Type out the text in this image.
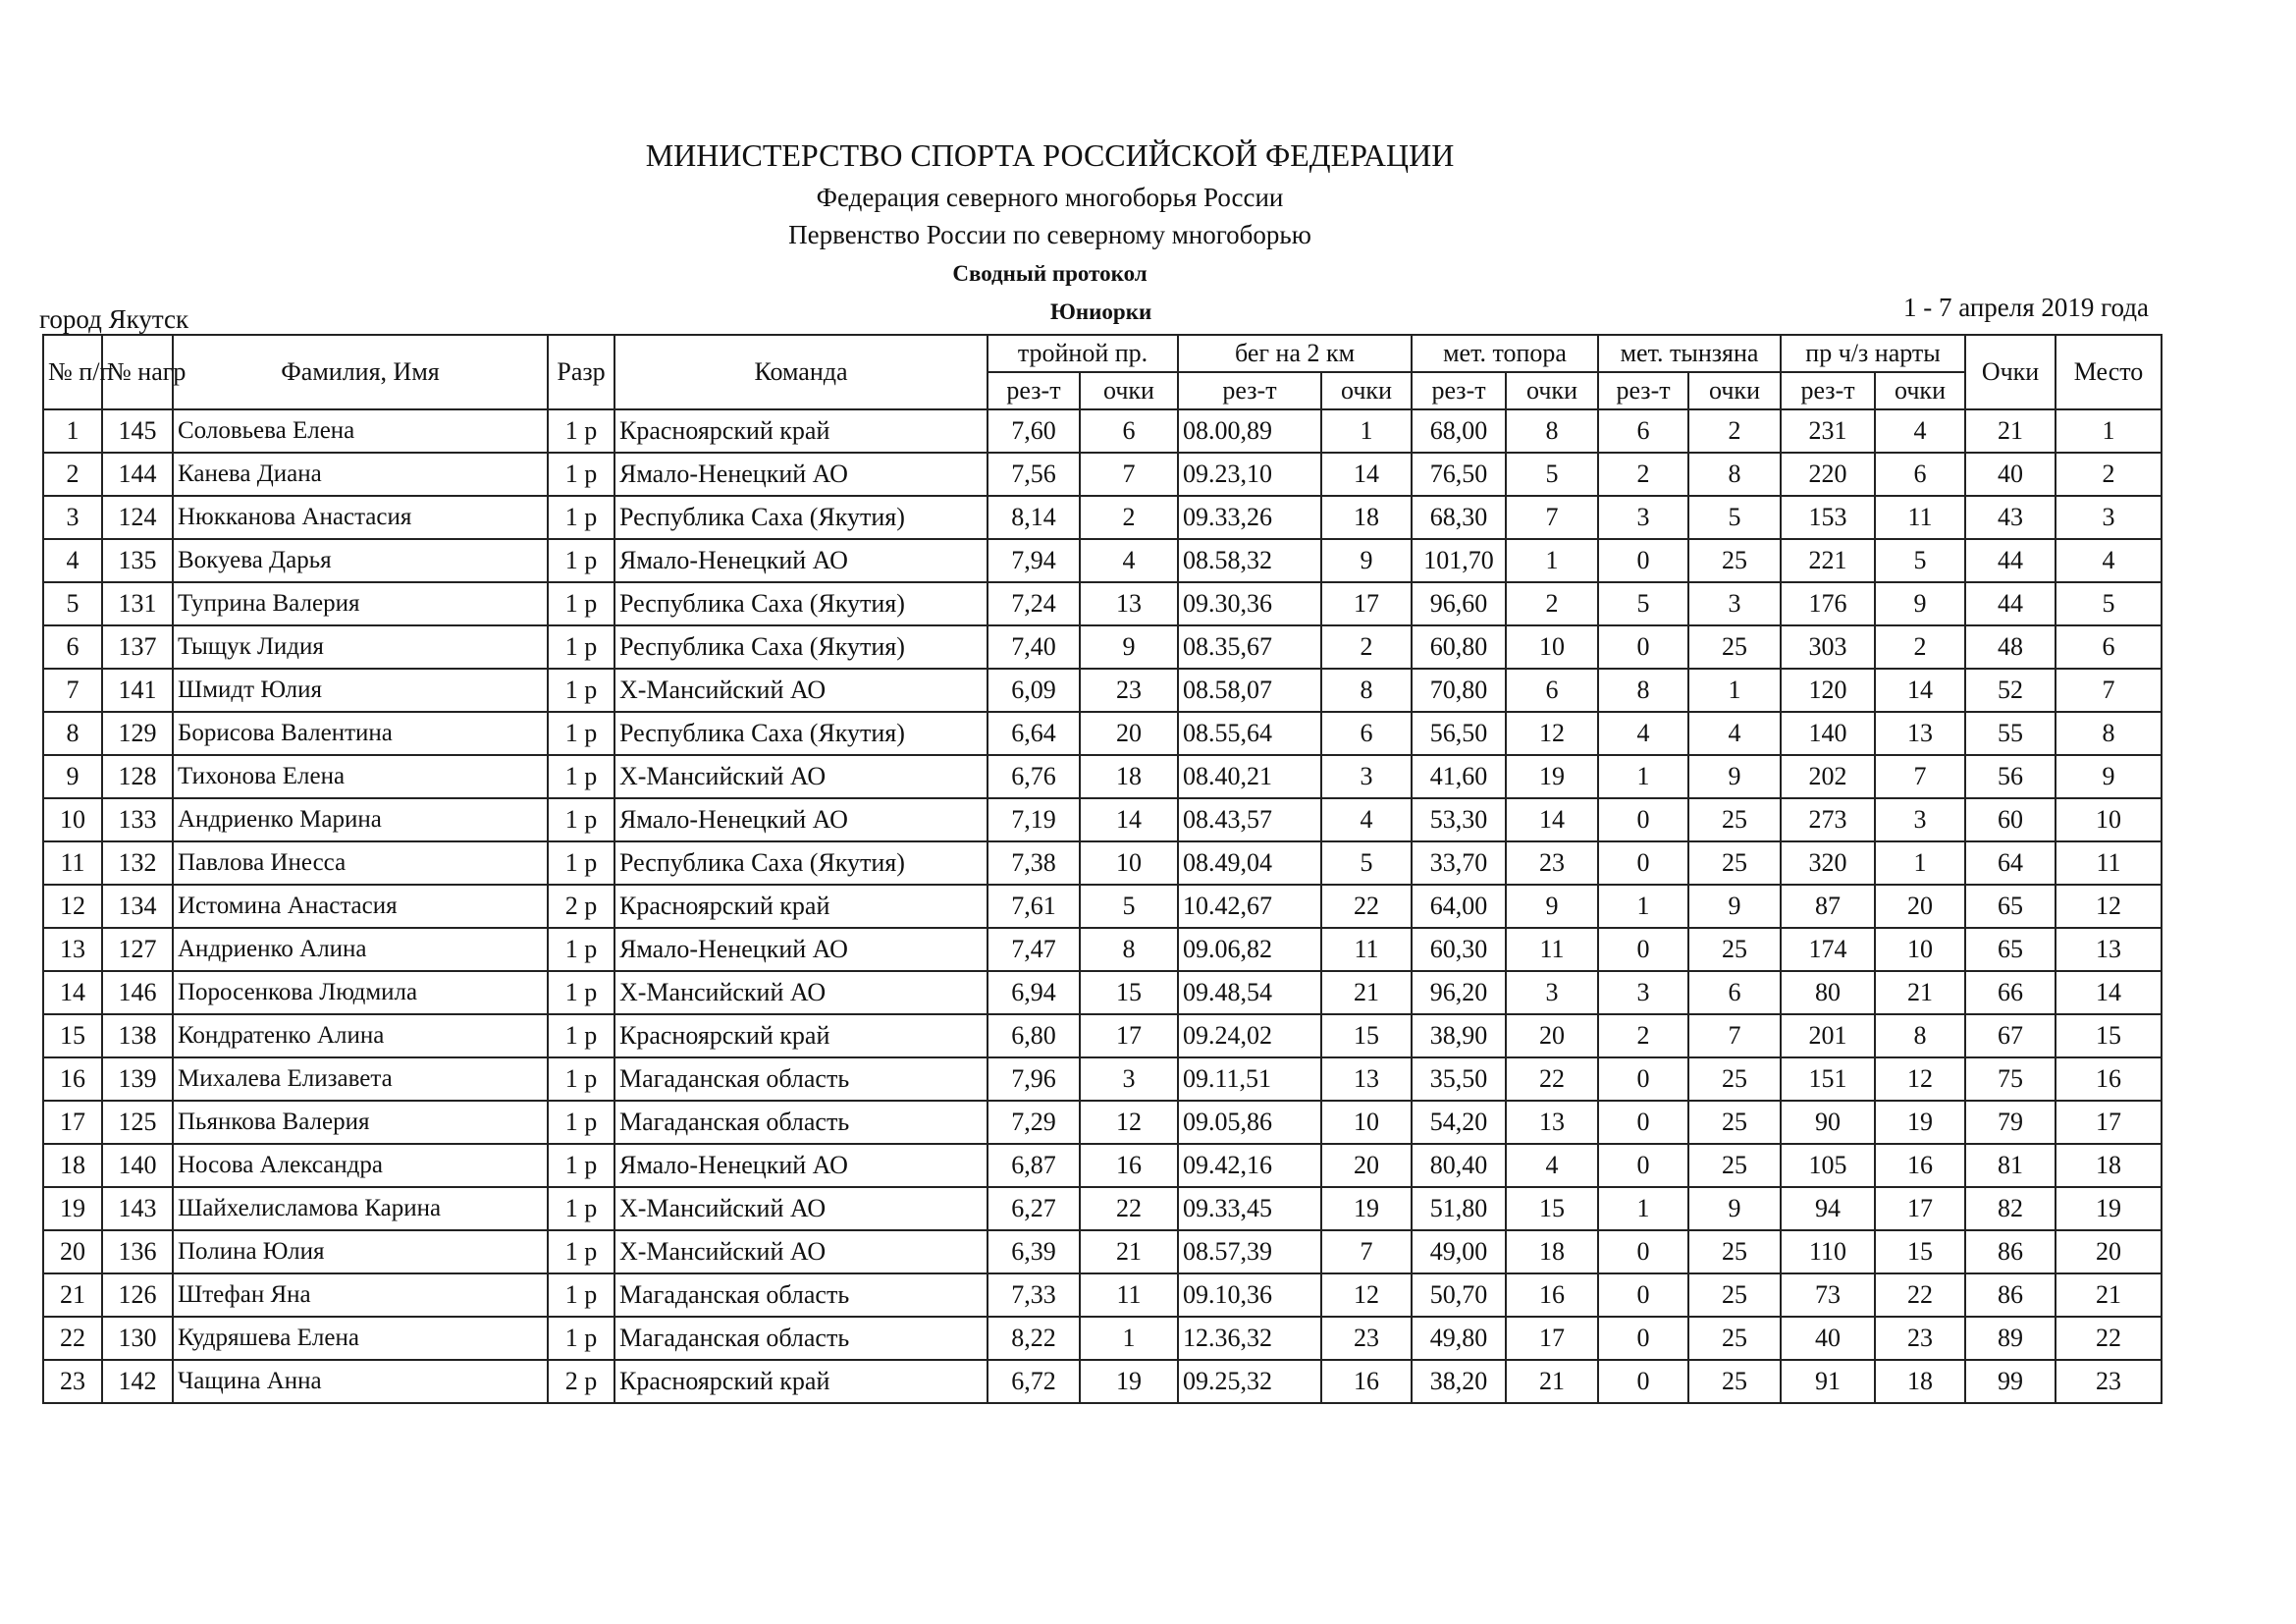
МИНИСТЕРСТВО СПОРТА РОССИЙСКОЙ ФЕДЕРАЦИИ
Федерация северного многоборья России
Первенство России по северному многоборью
Сводный протокол
город Якутск	Юниорки	1 - 7 апреля 2019 года
№ п/п	№ нагр	Фамилия, Имя	Разр	Команда	тройной пр.		бег на 2 км		мет. топора		мет. тынзяна		пр ч/з нарты		Очки	Место
					рез-т	очки	рез-т	очки	рез-т	очки	рез-т	очки	рез-т	очки		
1	145	Соловьева Елена	1 р	Красноярский край	7,60	6	08.00,89	1	68,00	8	6	2	231	4	21	1
2	144	Канева Диана	1 р	Ямало-Ненецкий АО	7,56	7	09.23,10	14	76,50	5	2	8	220	6	40	2
3	124	Нюкканова Анастасия	1 р	Республика Саха (Якутия)	8,14	2	09.33,26	18	68,30	7	3	5	153	11	43	3
4	135	Вокуева Дарья	1 р	Ямало-Ненецкий АО	7,94	4	08.58,32	9	101,70	1	0	25	221	5	44	4
5	131	Туприна Валерия	1 р	Республика Саха (Якутия)	7,24	13	09.30,36	17	96,60	2	5	3	176	9	44	5
6	137	Тыщук Лидия	1 р	Республика Саха (Якутия)	7,40	9	08.35,67	2	60,80	10	0	25	303	2	48	6
7	141	Шмидт Юлия	1 р	Х-Мансийский АО	6,09	23	08.58,07	8	70,80	6	8	1	120	14	52	7
8	129	Борисова Валентина	1 р	Республика Саха (Якутия)	6,64	20	08.55,64	6	56,50	12	4	4	140	13	55	8
9	128	Тихонова Елена	1 р	Х-Мансийский АО	6,76	18	08.40,21	3	41,60	19	1	9	202	7	56	9
10	133	Андриенко Марина	1 р	Ямало-Ненецкий АО	7,19	14	08.43,57	4	53,30	14	0	25	273	3	60	10
11	132	Павлова Инесса	1 р	Республика Саха (Якутия)	7,38	10	08.49,04	5	33,70	23	0	25	320	1	64	11
12	134	Истомина Анастасия	2 р	Красноярский край	7,61	5	10.42,67	22	64,00	9	1	9	87	20	65	12
13	127	Андриенко Алина	1 р	Ямало-Ненецкий АО	7,47	8	09.06,82	11	60,30	11	0	25	174	10	65	13
14	146	Поросенкова Людмила	1 р	Х-Мансийский АО	6,94	15	09.48,54	21	96,20	3	3	6	80	21	66	14
15	138	Кондратенко Алина	1 р	Красноярский край	6,80	17	09.24,02	15	38,90	20	2	7	201	8	67	15
16	139	Михалева Елизавета	1 р	Магаданская область	7,96	3	09.11,51	13	35,50	22	0	25	151	12	75	16
17	125	Пьянкова Валерия	1 р	Магаданская область	7,29	12	09.05,86	10	54,20	13	0	25	90	19	79	17
18	140	Носова Александра	1 р	Ямало-Ненецкий АО	6,87	16	09.42,16	20	80,40	4	0	25	105	16	81	18
19	143	Шайхелисламова Карина	1 р	Х-Мансийский АО	6,27	22	09.33,45	19	51,80	15	1	9	94	17	82	19
20	136	Полина Юлия	1 р	Х-Мансийский АО	6,39	21	08.57,39	7	49,00	18	0	25	110	15	86	20
21	126	Штефан Яна	1 р	Магаданская область	7,33	11	09.10,36	12	50,70	16	0	25	73	22	86	21
22	130	Кудряшева Елена	1 р	Магаданская область	8,22	1	12.36,32	23	49,80	17	0	25	40	23	89	22
23	142	Чащина Анна	2 р	Красноярский край	6,72	19	09.25,32	16	38,20	21	0	25	91	18	99	23
